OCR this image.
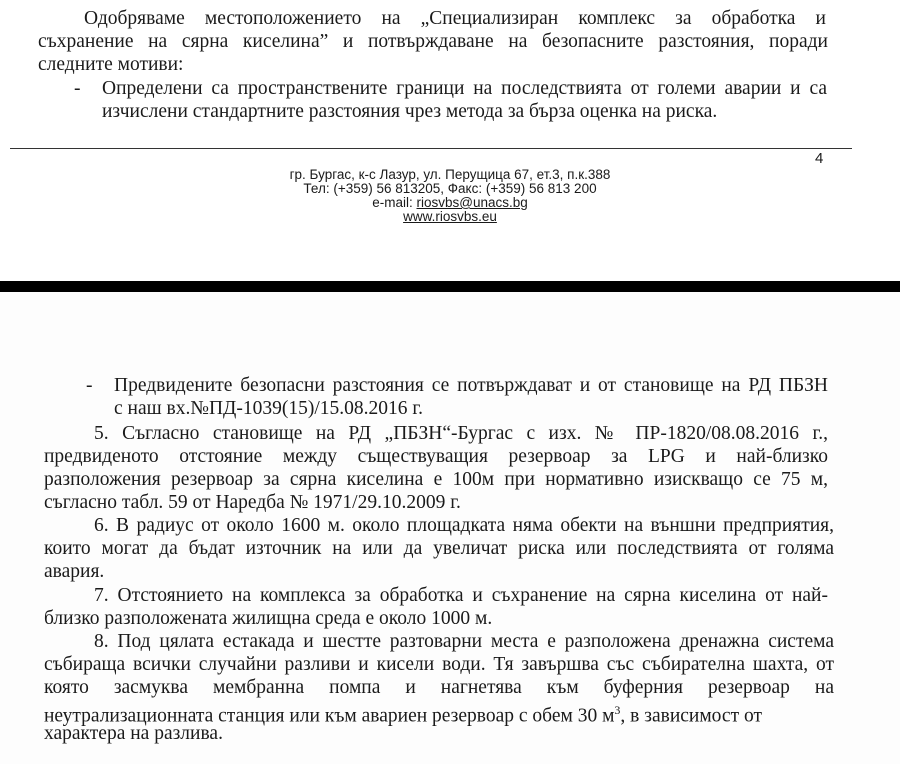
Одобряваме местоположението на „Специализиран комплекс за обработка и
съхранение на сярна киселина” и потвърждаване на безопасните разстояния, поради
следните мотиви:
- Определени са пространствените граници на последствията от големи аварии и са
изчислени стандартните разстояния чрез метода за бърза оценка на риска.
4
гр. Бургас, к-с Лазур, ул. Перущица 67, ет.3, п.к.388
Тел: (+359) 56 813205, Факс: (+359) 56 813 200
e-mail: riosvbs@unacs.bg
www.riosvbs.eu
- Предвидените безопасни разстояния се потвърждават и от становище на РД ПБЗН
с наш вх.№ПД-1039(15)/15.08.2016 г.
5. Съгласно становище на РД „ПБЗН“-Бургас с изх. № ПР-1820/08.08.2016 г.,
предвиденото отстояние между съществуващия резервоар за LPG и най-близко
разположения резервоар за сярна киселина е 100м при нормативно изискващо се 75 м,
съгласно табл. 59 от Наредба № 1971/29.10.2009 г.
6. В радиус от около 1600 м. около площадката няма обекти на външни предприятия,
които могат да бъдат източник на или да увеличат риска или последствията от голяма
авария.
7. Отстоянието на комплекса за обработка и съхранение на сярна киселина от най-
близко разположената жилищна среда е около 1000 м.
8. Под цялата естакада и шестте разтоварни места е разположена дренажна система
събираща всички случайни разливи и кисели води. Тя завършва със събирателна шахта, от
която засмуква мембранна помпа и нагнетява към буферния резервоар на
неутрализационната станция или към авариен резервоар с обем 30 $м^3$, в зависимост от
характера на разлива.
